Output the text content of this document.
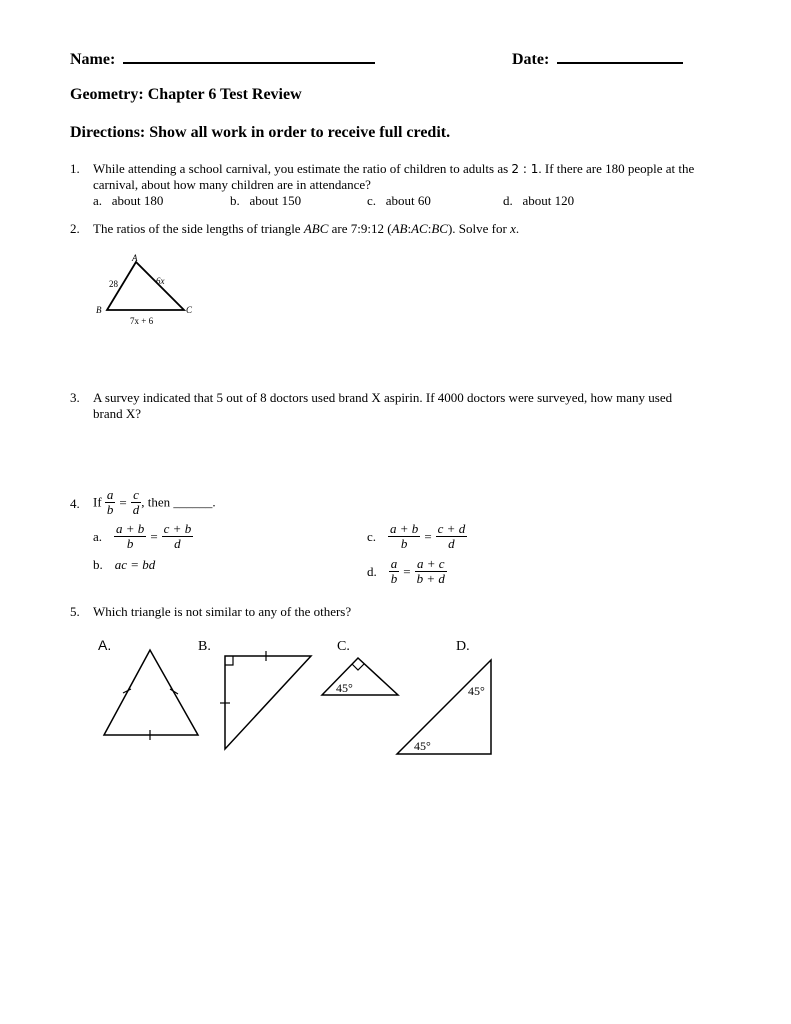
Name:	Date:
Geometry: Chapter 6 Test Review
Directions: Show all work in order to receive full credit.
1. While attending a school carnival, you estimate the ratio of children to adults as 2 : 1. If there are 180 people at the
carnival, about how many children are in attendance?
a. about 180	b. about 150	c. about 60	d. about 120
2. The ratios of the side lengths of triangle ABC are 7:9:12 (AB:AC:BC). Solve for x.
A
B	C
28	6x
7x + 6
3. A survey indicated that 5 out of 8 doctors used brand X aspirin. If 4000 doctors were surveyed, how many used
brand X?
4. If $\frac{a}{b} = \frac{c}{d}$ , then ______.
a. $\frac{a + b}{b} = \frac{c + b}{d}$	c. $\frac{a + b}{b} = \frac{c + d}{d}$
b. ac = bd	d. $\frac{a}{b} = \frac{a + c}{b + d}$
5. Which triangle is not similar to any of the others?
A.	B.	C.
45°
D.
45°
45°
